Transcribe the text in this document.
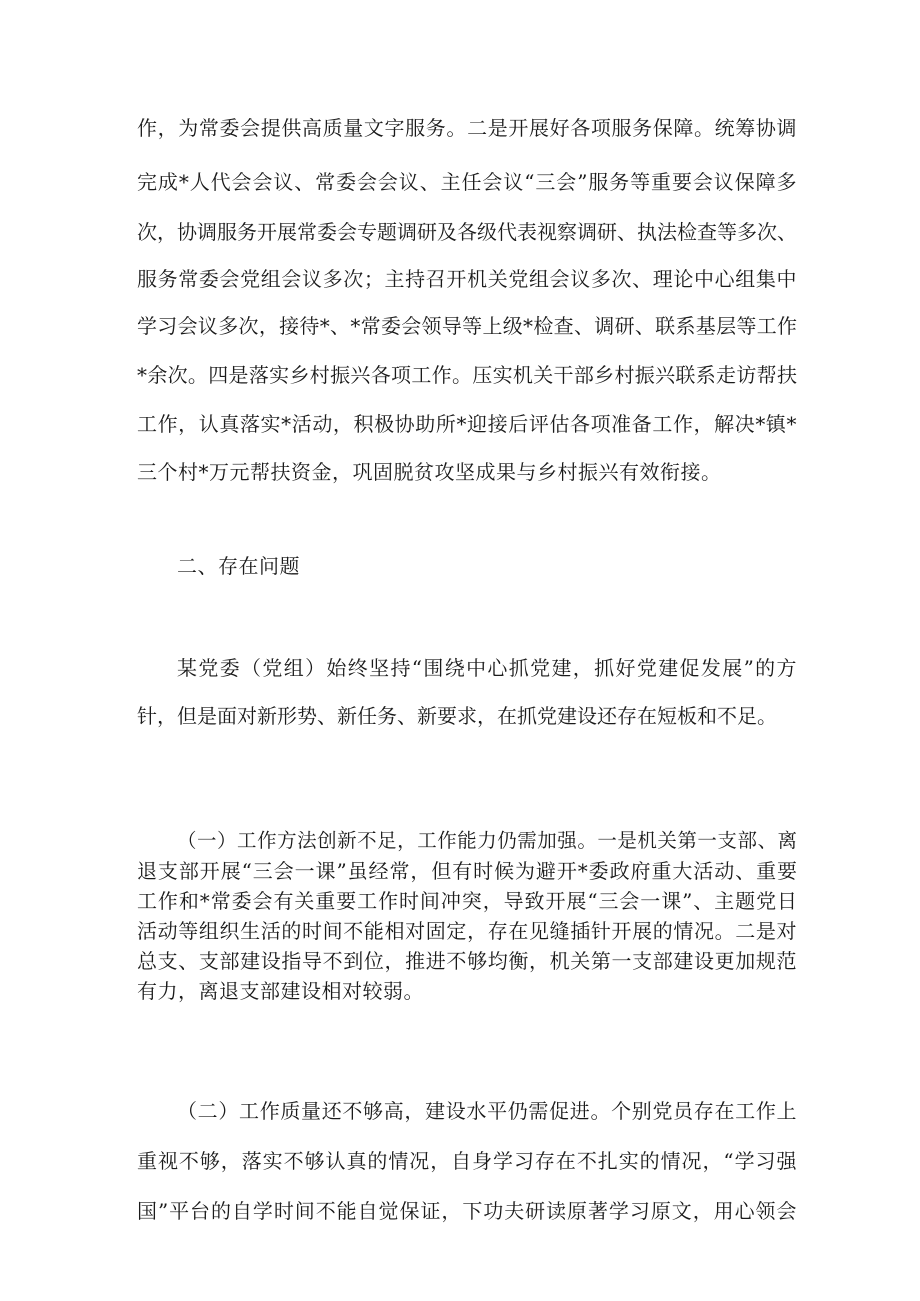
作，为常委会提供高质量文字服务。二是开展好各项服务保障。统筹协调
完成*人代会会议、常委会会议、主任会议“三会”服务等重要会议保障多
次，协调服务开展常委会专题调研及各级代表视察调研、执法检查等多次、
服务常委会党组会议多次；主持召开机关党组会议多次、理论中心组集中
学习会议多次，接待*、*常委会领导等上级*检查、调研、联系基层等工作
*余次。四是落实乡村振兴各项工作。压实机关干部乡村振兴联系走访帮扶
工作，认真落实*活动，积极协助所*迎接后评估各项准备工作，解决*镇*
三个村*万元帮扶资金，巩固脱贫攻坚成果与乡村振兴有效衔接。
二、存在问题
某党委（党组）始终坚持“围绕中心抓党建，抓好党建促发展”的方
针，但是面对新形势、新任务、新要求，在抓党建设还存在短板和不足。
（一）工作方法创新不足，工作能力仍需加强。一是机关第一支部、离
退支部开展“三会一课”虽经常，但有时候为避开*委政府重大活动、重要
工作和*常委会有关重要工作时间冲突，导致开展“三会一课”、主题党日
活动等组织生活的时间不能相对固定，存在见缝插针开展的情况。二是对
总支、支部建设指导不到位，推进不够均衡，机关第一支部建设更加规范
有力，离退支部建设相对较弱。
（二）工作质量还不够高，建设水平仍需促进。个别党员存在工作上
重视不够，落实不够认真的情况，自身学习存在不扎实的情况，“学习强
国”平台的自学时间不能自觉保证，下功夫研读原著学习原文，用心领会
